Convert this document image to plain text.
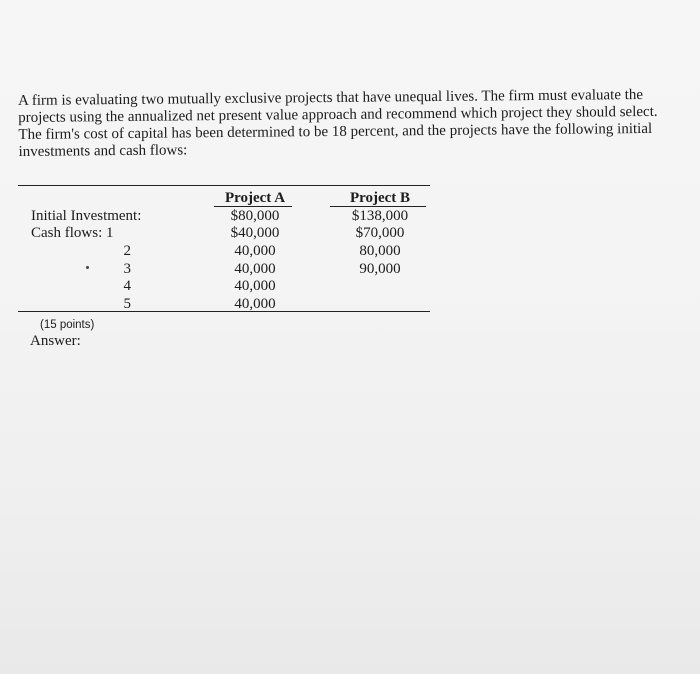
A firm is evaluating two mutually exclusive projects that have unequal lives. The firm must evaluate the
projects using the annualized net present value approach and recommend which project they should select.
The firm's cost of capital has been determined to be 18 percent, and the projects have the following initial
investments and cash flows:
Project A	Project B
Initial Investment:
Cash flows: 1
2
3
4
5
$80,000
$40,000
40,000
40,000
40,000
40,000
$138,000
$70,000
80,000
90,000
(15 points)
Answer:
